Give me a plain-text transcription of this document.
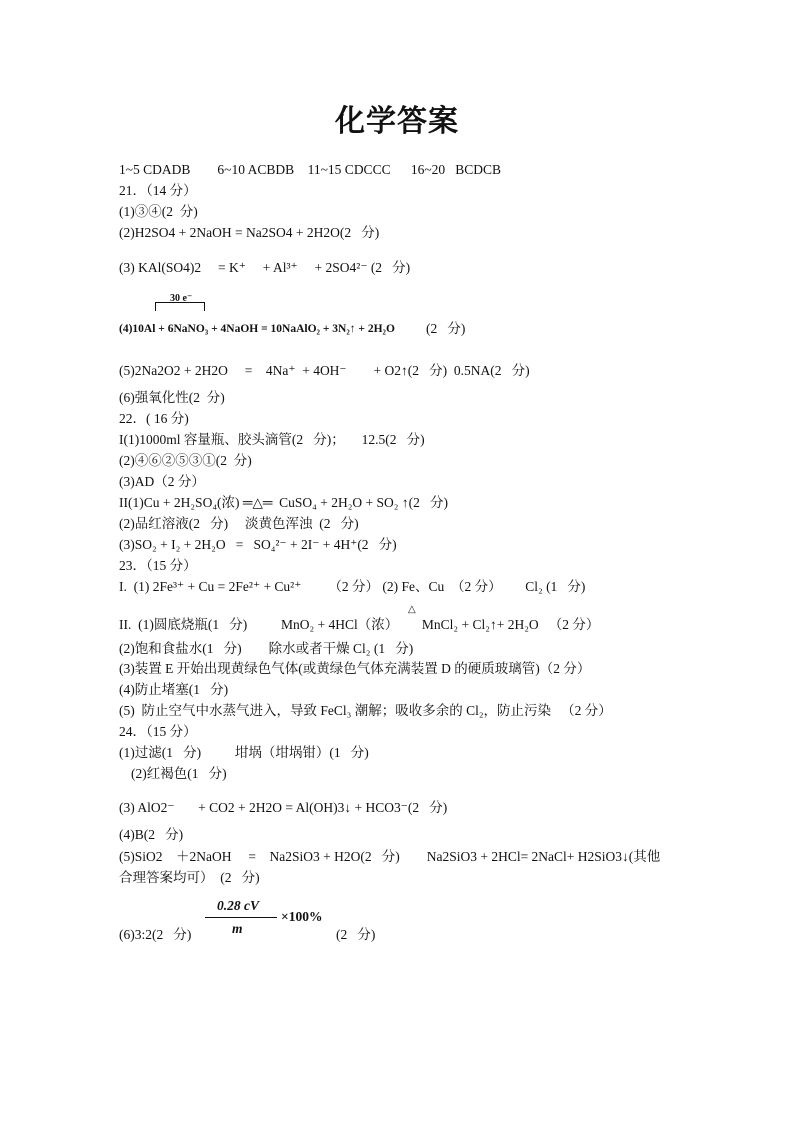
化学答案
1~5 CDADB        6~10 ACBDB    11~15 CDCCC      16~20   BCDCB
21．（14 分）
(1)③④(2  分)
(2)H2SO4 + 2NaOH = Na2SO4 + 2H2O(2   分)
(3) KAl(SO4)2     = K⁺     + Al³⁺     + 2SO4²⁻ (2   分)
30 e⁻
(4)10Al + 6NaNO₃ + 4NaOH = 10NaAlO₂ + 3N₂↑ + 2H₂O (2   分)
(5)2Na2O2 + 2H2O     =    4Na⁺  + 4OH⁻        + O2↑(2   分)  0.5NA(2   分)
(6)强氧化性(2  分)
22．( 16 分)
I(1)1000ml 容量瓶、胶头滴管(2   分)；     12.5(2   分)
(2)④⑥②⑤③①(2  分)
(3)AD（2 分）
II(1)Cu + 2H₂SO₄(浓) ═△═  CuSO₄ + 2H₂O + SO₂ ↑(2   分)
(2)品红溶液(2   分)     淡黄色浑浊  (2   分)
(3)SO₂ + I₂ + 2H₂O   =   SO₄²⁻ + 2I⁻ + 4H⁺(2   分)
23．（15 分）
I.  (1) 2Fe³⁺ + Cu = 2Fe²⁺ + Cu²⁺        （2 分） (2) Fe、Cu  （2 分）       Cl₂ (1   分)
△
II.  (1)圆底烧瓶(1   分)          MnO₂ + 4HCl（浓）       MnCl₂ + Cl₂↑+ 2H₂O   （2 分）
(2)饱和食盐水(1   分)        除水或者干燥 Cl₂ (1   分)
(3)装置 E 开始出现黄绿色气体(或黄绿色气体充满装置 D 的硬质玻璃管)（2 分）
(4)防止堵塞(1   分)
(5)  防止空气中水蒸气进入，导致 FeCl₃ 潮解；吸收多余的 Cl₂，防止污染   （2 分）
24．（15 分）
(1)过滤(1   分)          坩埚（坩埚钳）(1   分)
(2)红褐色(1   分)
(3) AlO2⁻       + CO2 + 2H2O = Al(OH)3↓ + HCO3⁻(2   分)
(4)B(2   分)
(5)SiO2    ＋2NaOH     =    Na2SiO3 + H2O(2   分)        Na2SiO3 + 2HCl= 2NaCl+ H2SiO3↓(其他
合理答案均可）  (2   分)
0.28 cV
m
×100%
(6)3:2(2   分)	(2   分)
